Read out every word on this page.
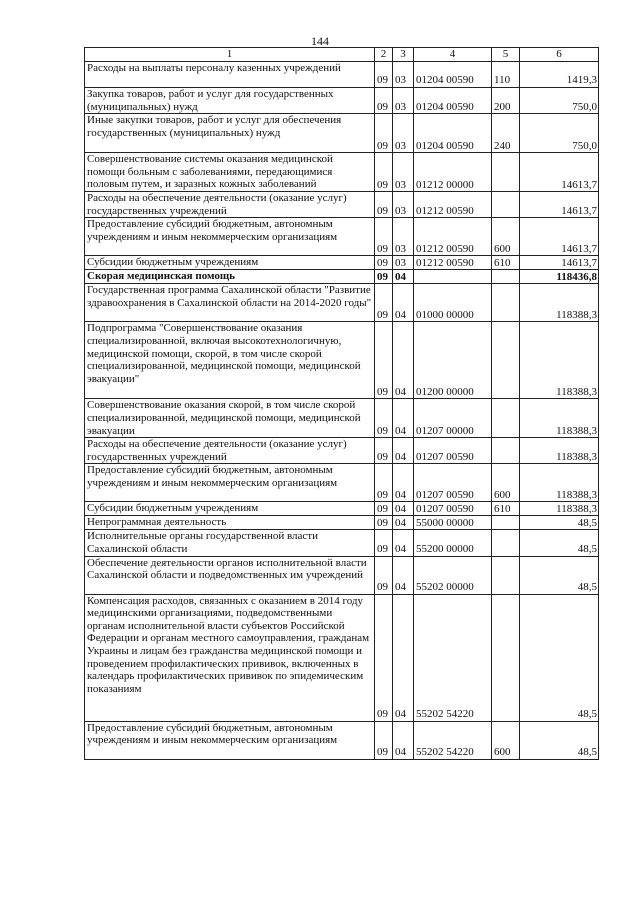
144
1	2	3	4	5	6
Расходы на выплаты персоналу казенных учреждений	09	03	01204 00590	110	1419,3
Закупка товаров, работ и услуг для государственных (муниципальных) нужд	09	03	01204 00590	200	750,0
Иные закупки товаров, работ и услуг для обеспечения государственных (муниципальных) нужд	09	03	01204 00590	240	750,0
Совершенствование системы оказания медицинской помощи больным с заболеваниями, передающимися половым путем, и заразных кожных заболеваний	09	03	01212 00000		14613,7
Расходы на обеспечение деятельности (оказание услуг) государственных учреждений	09	03	01212 00590		14613,7
Предоставление субсидий бюджетным, автономным учреждениям и иным некоммерческим организациям	09	03	01212 00590	600	14613,7
Субсидии бюджетным учреждениям	09	03	01212 00590	610	14613,7
Скорая медицинская помощь	09	04			118436,8
Государственная программа Сахалинской области "Развитие здравоохранения в Сахалинской области на 2014-2020 годы"	09	04	01000 00000		118388,3
Подпрограмма "Совершенствование оказания специализированной, включая высокотехнологичную, медицинской помощи, скорой, в том числе скорой специализированной, медицинской помощи, медицинской эвакуации"	09	04	01200 00000		118388,3
Совершенствование оказания скорой, в том числе скорой специализированной, медицинской помощи, медицинской эвакуации	09	04	01207 00000		118388,3
Расходы на обеспечение деятельности (оказание услуг) государственных учреждений	09	04	01207 00590		118388,3
Предоставление субсидий бюджетным, автономным учреждениям и иным некоммерческим организациям	09	04	01207 00590	600	118388,3
Субсидии бюджетным учреждениям	09	04	01207 00590	610	118388,3
Непрограммная деятельность	09	04	55000 00000		48,5
Исполнительные органы государственной власти Сахалинской области	09	04	55200 00000		48,5
Обеспечение деятельности органов исполнительной власти Сахалинской области и подведомственных им учреждений	09	04	55202 00000		48,5
Компенсация расходов, связанных с оказанием в 2014 году медицинскими организациями, подведомственными органам исполнительной власти субъектов Российской Федерации и органам местного самоуправления, гражданам Украины и лицам без гражданства медицинской помощи и проведением профилактических прививок, включенных в календарь профилактических прививок по эпидемическим показаниям	09	04	55202 54220		48,5
Предоставление субсидий бюджетным, автономным учреждениям и иным некоммерческим организациям	09	04	55202 54220	600	48,5
